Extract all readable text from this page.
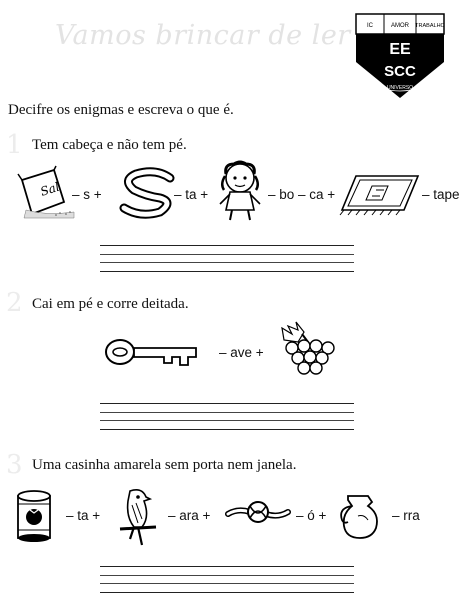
Vamos brincar de ler	IC	AMOR TRABALHO
EE
SCC
UNIVERSO
Decifre os enigmas e escreva o que é.
1 Tem cabeça e não tem pé.
Sal – s +	– ta +	– bo – ca +	– tape
2 Cai em pé e corre deitada.
– ave +
3 Uma casinha amarela sem porta nem janela.
– ta +	– ara +	– ó +	– rra
